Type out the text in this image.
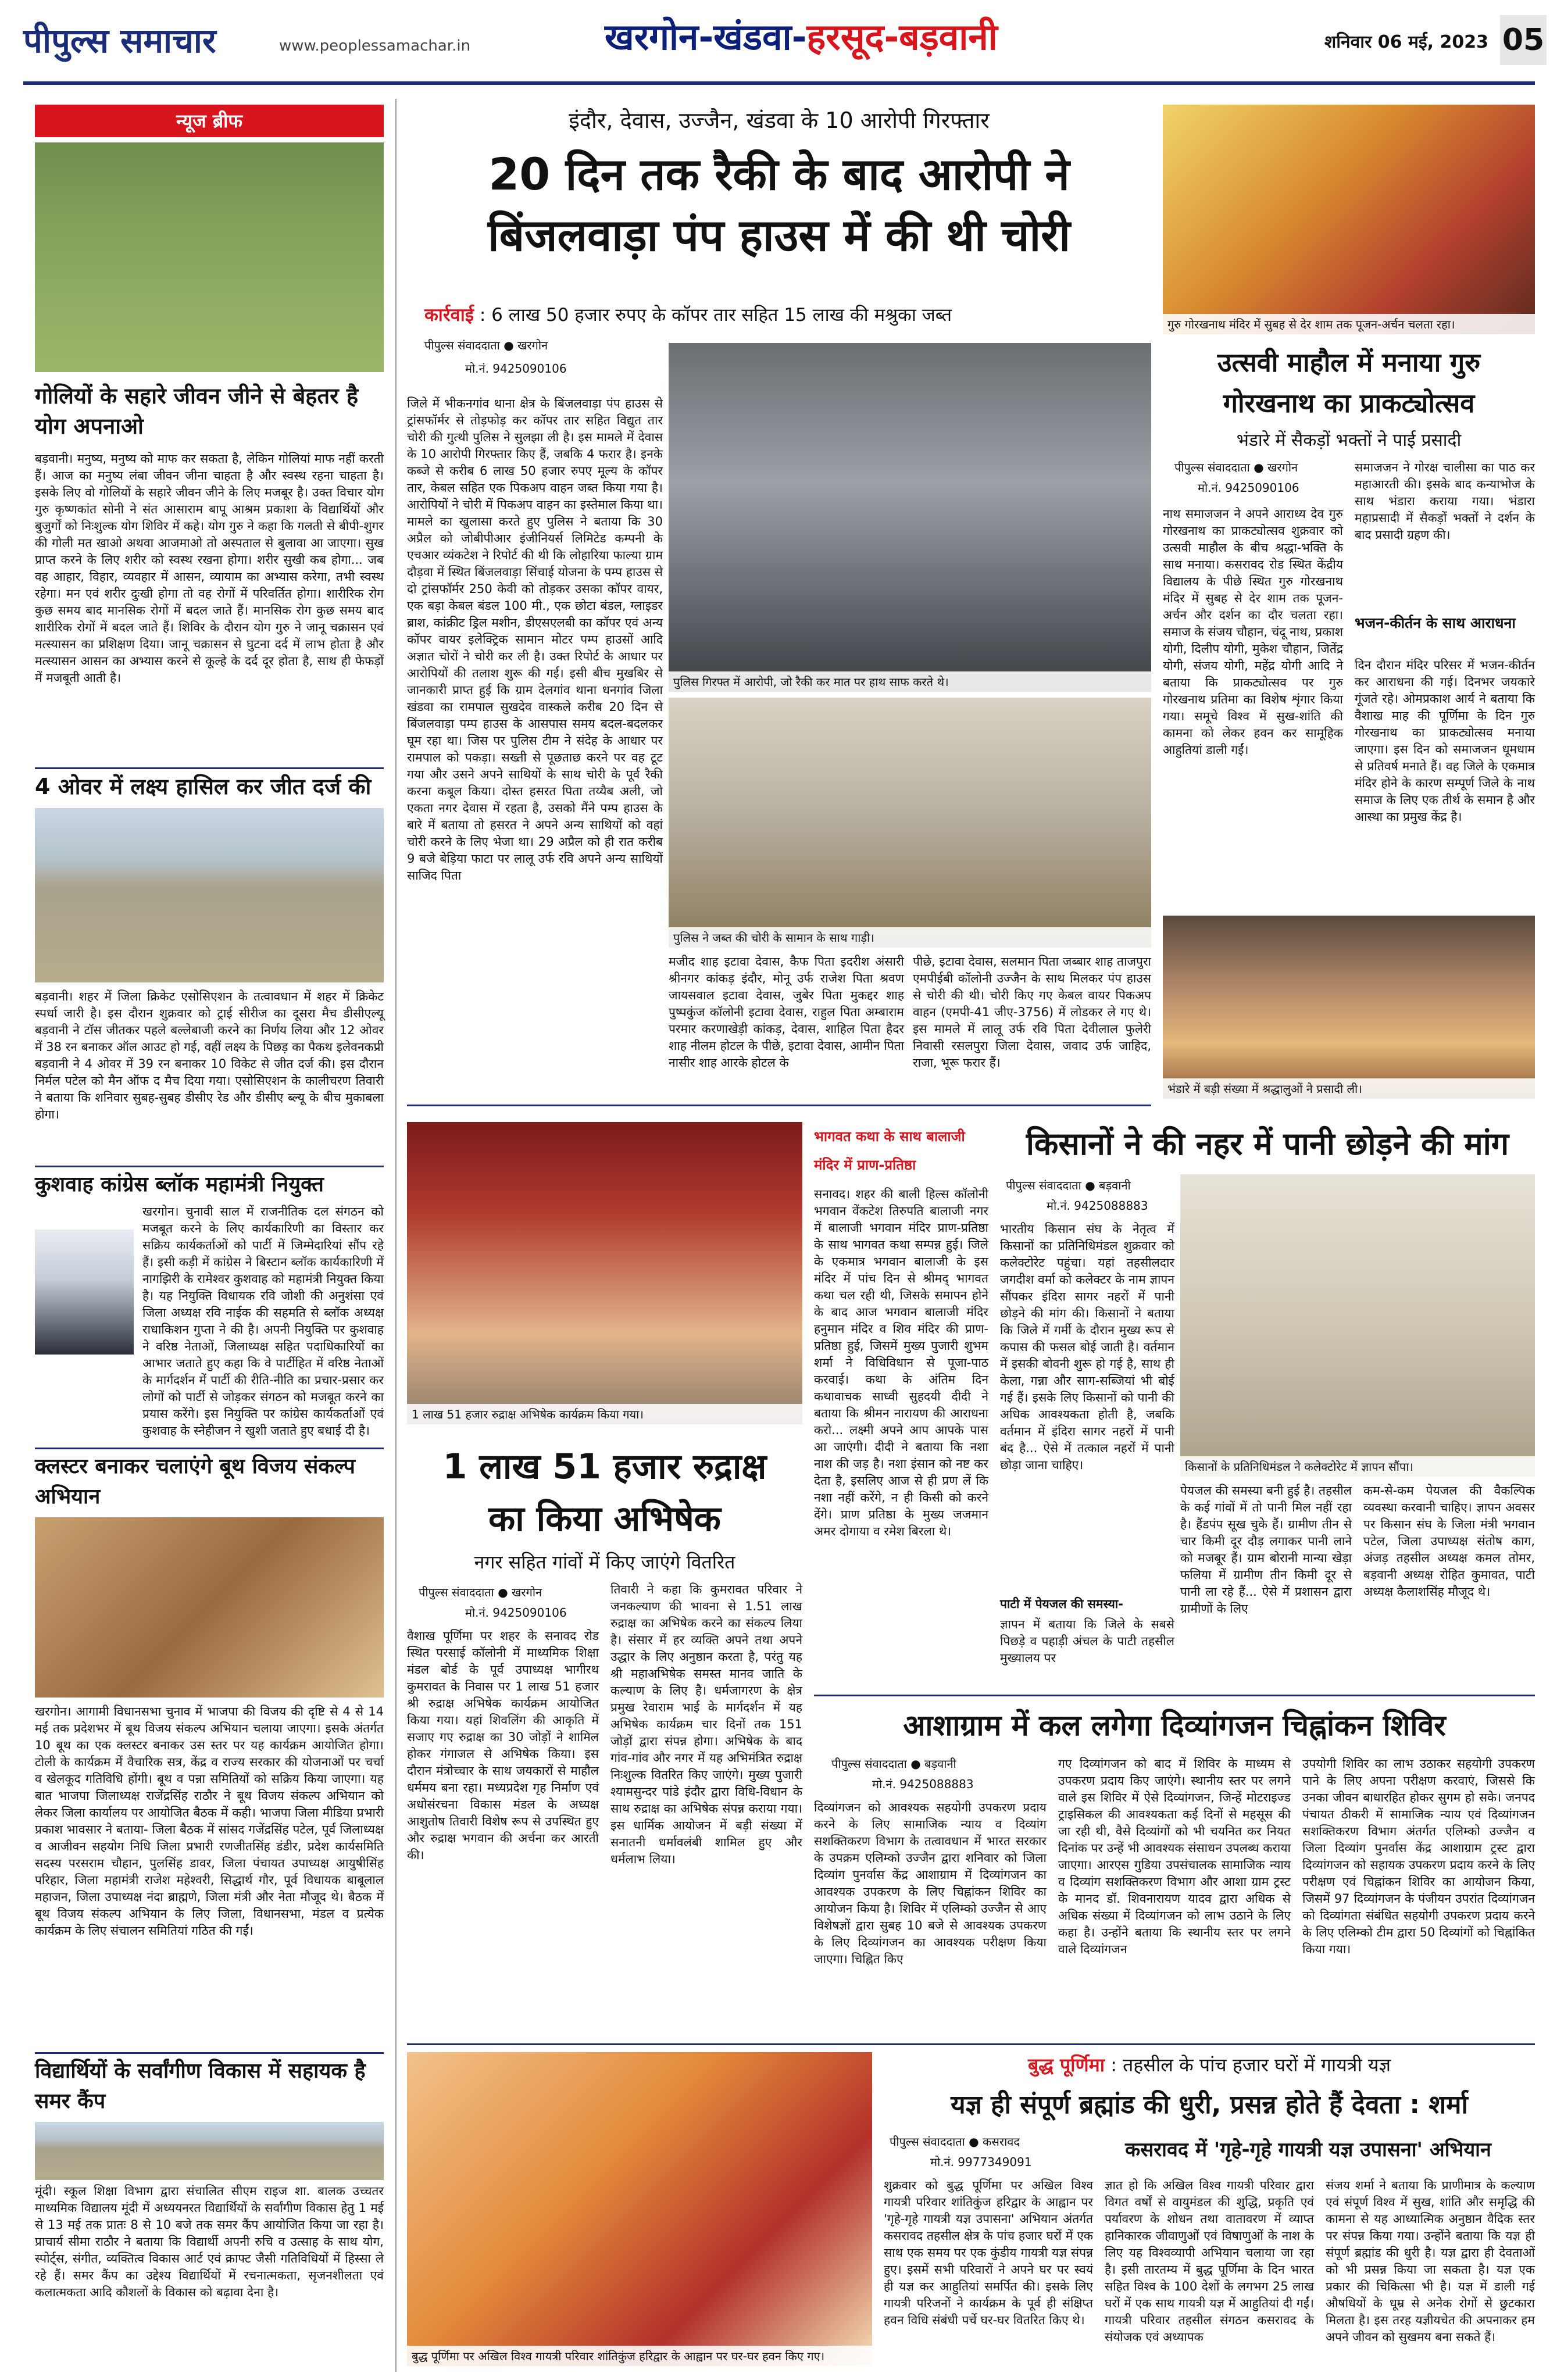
पीपुल्स समाचार	www.peoplessamachar.in	खरगोन-खंडवा-हरसूद-बड़वानी	शनिवार 06 मई, 2023 05
न्यूज ब्रीफ
गोलियों के सहारे जीवन जीने से बेहतर है योग अपनाओ
बड़वानी। मनुष्य, मनुष्य को माफ कर सकता है, लेकिन गोलियां माफ नहीं करती हैं। आज का मनुष्य लंबा जीवन जीना चाहता है और स्वस्थ रहना चाहता है। इसके लिए वो गोलियों के सहारे जीवन जीने के लिए मजबूर है। उक्त विचार योग गुरु कृष्णकांत सोनी ने संत आसाराम बापू आश्रम प्रकाशा के विद्यार्थियों और बुजुर्गों को निःशुल्क योग शिविर में कहे। योग गुरु ने कहा कि गलती से बीपी-शुगर की गोली मत खाओ अथवा आजमाओ तो अस्पताल से बुलावा आ जाएगा। सुख प्राप्त करने के लिए शरीर को स्वस्थ रखना होगा। शरीर सुखी कब होगा... जब वह आहार, विहार, व्यवहार में आसन, व्यायाम का अभ्यास करेगा, तभी स्वस्थ रहेगा। मन एवं शरीर दुःखी होगा तो वह रोगों में परिवर्तित होगा। शारीरिक रोग कुछ समय बाद मानसिक रोगों में बदल जाते हैं। मानसिक रोग कुछ समय बाद शारीरिक रोगों में बदल जाते हैं। शिविर के दौरान योग गुरु ने जानू चक्रासन एवं मत्स्यासन का प्रशिक्षण दिया। जानू चक्रासन से घुटना दर्द में लाभ होता है और मत्स्यासन आसन का अभ्यास करने से कूल्हे के दर्द दूर होता है, साथ ही फेफड़ों में मजबूती आती है।
4 ओवर में लक्ष्य हासिल कर जीत दर्ज की
बड़वानी। शहर में जिला क्रिकेट एसोसिएशन के तत्वावधान में शहर में क्रिकेट स्पर्धा जारी है। इस दौरान शुक्रवार को ट्राई सीरीज का दूसरा मैच डीसीएल्यू बड़वानी ने टॉस जीतकर पहले बल्लेबाजी करने का निर्णय लिया और 12 ओवर में 38 रन बनाकर ऑल आउट हो गई, वहीं लक्ष्य के पिछड़ का पैकथ इलेवनकप्री बड़वानी ने 4 ओवर में 39 रन बनाकर 10 विकेट से जीत दर्ज की। इस दौरान निर्मल पटेल को मैन ऑफ द मैच दिया गया। एसोसिएशन के कालीचरण तिवारी ने बताया कि शनिवार सुबह-सुबह डीसीए रेड और डीसीए ब्ल्यू के बीच मुकाबला होगा।
कुशवाह कांग्रेस ब्लॉक महामंत्री नियुक्त
खरगोन। चुनावी साल में राजनीतिक दल संगठन को मजबूत करने के लिए कार्यकारिणी का विस्तार कर सक्रिय कार्यकर्ताओं को पार्टी में जिम्मेदारियां सौंप रहे हैं। इसी कड़ी में कांग्रेस ने बिस्टान ब्लॉक कार्यकारिणी में नागझिरी के रामेश्वर कुशवाह को महामंत्री नियुक्त किया है। यह नियुक्ति विधायक रवि जोशी की अनुशंसा एवं जिला अध्यक्ष रवि नाईक की सहमति से ब्लॉक अध्यक्ष राधाकिशन गुप्ता ने की है। अपनी नियुक्ति पर कुशवाह ने वरिष्ठ नेताओं, जिलाध्यक्ष सहित पदाधिकारियों का आभार जताते हुए कहा कि वे पार्टीहित में वरिष्ठ नेताओं के मार्गदर्शन में पार्टी की रीति-नीति का प्रचार-प्रसार कर लोगों को पार्टी से जोड़कर संगठन को मजबूत करने का प्रयास करेंगे। इस नियुक्ति पर कांग्रेस कार्यकर्ताओं एवं कुशवाह के स्नेहीजन ने खुशी जताते हुए बधाई दी है।
क्लस्टर बनाकर चलाएंगे बूथ विजय संकल्प अभियान
खरगोन। आगामी विधानसभा चुनाव में भाजपा की विजय की दृष्टि से 4 से 14 मई तक प्रदेशभर में बूथ विजय संकल्प अभियान चलाया जाएगा। इसके अंतर्गत 10 बूथ का एक क्लस्टर बनाकर उस स्तर पर यह कार्यक्रम आयोजित होगा। टोली के कार्यक्रम में वैचारिक सत्र, केंद्र व राज्य सरकार की योजनाओं पर चर्चा व खेलकूद गतिविधि होंगी। बूथ व पन्ना समितियों को सक्रिय किया जाएगा। यह बात भाजपा जिलाध्यक्ष राजेंद्रसिंह राठौर ने बूथ विजय संकल्प अभियान को लेकर जिला कार्यालय पर आयोजित बैठक में कही। भाजपा जिला मीडिया प्रभारी प्रकाश भावसार ने बताया- जिला बैठक में सांसद गजेंद्रसिंह पटेल, पूर्व जिलाध्यक्ष व आजीवन सहयोग निधि जिला प्रभारी रणजीतसिंह डंडीर, प्रदेश कार्यसमिति सदस्य परसराम चौहान, पुलसिंह डावर, जिला पंचायत उपाध्यक्ष आयुषीसिंह परिहार, जिला महामंत्री राजेश महेश्वरी, सिद्धार्थ गौर, पूर्व विधायक बाबूलाल महाजन, जिला उपाध्यक्ष नंदा ब्राह्मणे, जिला मंत्री और नेता मौजूद थे। बैठक में बूथ विजय संकल्प अभियान के लिए जिला, विधानसभा, मंडल व प्रत्येक कार्यक्रम के लिए संचालन समितियां गठित की गईं।
विद्यार्थियों के सर्वांगीण विकास में सहायक है समर कैंप
मूंदी। स्कूल शिक्षा विभाग द्वारा संचालित सीएम राइज शा. बालक उच्चतर माध्यमिक विद्यालय मूंदी में अध्ययनरत विद्यार्थियों के सर्वांगीण विकास हेतु 1 मई से 13 मई तक प्रातः 8 से 10 बजे तक समर कैंप आयोजित किया जा रहा है। प्राचार्य सीमा राठौर ने बताया कि विद्यार्थी अपनी रुचि व उत्साह के साथ योग, स्पोर्ट्स, संगीत, व्यक्तित्व विकास आर्ट एवं क्राफ्ट जैसी गतिविधियों में हिस्सा ले रहे हैं। समर कैंप का उद्देश्य विद्यार्थियों में रचनात्मकता, सृजनशीलता एवं कलात्मकता आदि कौशलों के विकास को बढ़ावा देना है।
इंदौर, देवास, उज्जैन, खंडवा के 10 आरोपी गिरफ्तार
20 दिन तक रैकी के बाद आरोपी ने
बिंजलवाड़ा पंप हाउस में की थी चोरी
कार्रवाई : 6 लाख 50 हजार रुपए के कॉपर तार सहित 15 लाख की मश्रुका जब्त
पीपुल्स संवाददाता ● खरगोन
मो.नं. 9425090106
जिले में भीकनगांव थाना क्षेत्र के बिंजलवाड़ा पंप हाउस से ट्रांसफॉर्मर से तोड़फोड़ कर कॉपर तार सहित विद्युत तार चोरी की गुत्थी पुलिस ने सुलझा ली है। इस मामले में देवास के 10 आरोपी गिरफ्तार किए हैं, जबकि 4 फरार है। इनके कब्जे से करीब 6 लाख 50 हजार रुपए मूल्य के कॉपर तार, केबल सहित एक पिकअप वाहन जब्त किया गया है। आरोपियों ने चोरी में पिकअप वाहन का इस्तेमाल किया था। मामले का खुलासा करते हुए पुलिस ने बताया कि 30 अप्रैल को जोबीपीआर इंजीनियर्स लिमिटेड कम्पनी के एचआर व्यंकटेश ने रिपोर्ट की थी कि लोहारिया फाल्या ग्राम दौड़वा में स्थित बिंजलवाड़ा सिंचाई योजना के पम्प हाउस से दो ट्रांसफॉर्मर 250 केवी को तोड़कर उसका कॉपर वायर, एक बड़ा केबल बंडल 100 मी., एक छोटा बंडल, ग्लाइडर ब्राश, कांक्रीट ड्रिल मशीन, डीएसएलबी का कॉपर एवं अन्य कॉपर वायर इलेक्ट्रिक सामान मोटर पम्प हाउसों आदि अज्ञात चोरों ने चोरी कर ली है। उक्त रिपोर्ट के आधार पर आरोपियों की तलाश शुरू की गई। इसी बीच मुखबिर से जानकारी प्राप्त हुई कि ग्राम देलगांव थाना धनगांव जिला खंडवा का रामपाल सुखदेव वास्कले करीब 20 दिन से बिंजलवाड़ा पम्प हाउस के आसपास समय बदल-बदलकर घूम रहा था। जिस पर पुलिस टीम ने संदेह के आधार पर रामपाल को पकड़ा। सख्ती से पूछताछ करने पर वह टूट गया और उसने अपने साथियों के साथ चोरी के पूर्व रैकी करना कबूल किया। दोस्त हसरत पिता तय्यैब अली, जो एकता नगर देवास में रहता है, उसको मैंने पम्प हाउस के बारे में बताया तो हसरत ने अपने अन्य साथियों को वहां चोरी करने के लिए भेजा था। 29 अप्रैल को ही रात करीब 9 बजे बेड़िया फाटा पर लालू उर्फ रवि अपने अन्य साथियों साजिद पिता
पुलिस गिरफ्त में आरोपी, जो रैकी कर मात पर हाथ साफ करते थे।
पुलिस ने जब्त की चोरी के सामान के साथ गाड़ी।
मजीद शाह इटावा देवास, कैफ पिता इदरीश अंसारी श्रीनगर कांकड़ इंदौर, मोनू उर्फ राजेश पिता श्रवण जायसवाल इटावा देवास, जुबेर पिता मुकद्दर शाह पुष्पकुंज कॉलोनी इटावा देवास, राहुल पिता अम्बाराम परमार करणाखेड़ी कांकड़, देवास, शाहिल पिता हैदर शाह नीलम होटल के पीछे, इटावा देवास, आमीन पिता नासीर शाह आरके होटल के
पीछे, इटावा देवास, सलमान पिता जब्बार शाह ताजपुरा एमपीईबी कॉलोनी उज्जैन के साथ मिलकर पंप हाउस से चोरी की थी। चोरी किए गए केबल वायर पिकअप वाहन (एमपी-41 जीए-3756) में लोडकर ले गए थे। इस मामले में लालू उर्फ रवि पिता देवीलाल फुलेरी निवासी रसलपुरा जिला देवास, जवाद उर्फ जाहिद, राजा, भूरू फरार हैं।
गुरु गोरखनाथ मंदिर में सुबह से देर शाम तक पूजन-अर्चन चलता रहा।
उत्सवी माहौल में मनाया गुरु
गोरखनाथ का प्राकट्योत्सव
भंडारे में सैकड़ों भक्तों ने पाई प्रसादी
पीपुल्स संवाददाता ● खरगोन
मो.नं. 9425090106
नाथ समाजजन ने अपने आराध्य देव गुरु गोरखनाथ का प्राकट्योत्सव शुक्रवार को उत्सवी माहौल के बीच श्रद्धा-भक्ति के साथ मनाया। कसरावद रोड स्थित केंद्रीय विद्यालय के पीछे स्थित गुरु गोरखनाथ मंदिर में सुबह से देर शाम तक पूजन-अर्चन और दर्शन का दौर चलता रहा। समाज के संजय चौहान, चंदू नाथ, प्रकाश योगी, दिलीप योगी, मुकेश चौहान, जितेंद्र योगी, संजय योगी, महेंद्र योगी आदि ने बताया कि प्राकट्योत्सव पर गुरु गोरखनाथ प्रतिमा का विशेष शृंगार किया गया। समूचे विश्व में सुख-शांति की कामना को लेकर हवन कर सामूहिक आहुतियां डाली गईं।
समाजजन ने गोरक्ष चालीसा का पाठ कर महाआरती की। इसके बाद कन्याभोज के साथ भंडारा कराया गया। भंडारा महाप्रसादी में सैकड़ों भक्तों ने दर्शन के बाद प्रसादी ग्रहण की।
भजन-कीर्तन के साथ आराधना
दिन दौरान मंदिर परिसर में भजन-कीर्तन कर आराधना की गई। दिनभर जयकारे गूंजते रहे। ओमप्रकाश आर्य ने बताया कि वैशाख माह की पूर्णिमा के दिन गुरु गोरखनाथ का प्राकट्योत्सव मनाया जाएगा। इस दिन को समाजजन धूमधाम से प्रतिवर्ष मनाते हैं। वह जिले के एकमात्र मंदिर होने के कारण सम्पूर्ण जिले के नाथ समाज के लिए एक तीर्थ के समान है और आस्था का प्रमुख केंद्र है।
भंडारे में बड़ी संख्या में श्रद्धालुओं ने प्रसादी ली।
1 लाख 51 हजार रुद्राक्ष अभिषेक कार्यक्रम किया गया।
1 लाख 51 हजार रुद्राक्ष
का किया अभिषेक
नगर सहित गांवों में किए जाएंगे वितरित
पीपुल्स संवाददाता ● खरगोन
मो.नं. 9425090106
वैशाख पूर्णिमा पर शहर के सनावद रोड स्थित परसाई कॉलोनी में माध्यमिक शिक्षा मंडल बोर्ड के पूर्व उपाध्यक्ष भागीरथ कुमरावत के निवास पर 1 लाख 51 हजार श्री रुद्राक्ष अभिषेक कार्यक्रम आयोजित किया गया। यहां शिवलिंग की आकृति में सजाए गए रुद्राक्ष का 30 जोड़ों ने शामिल होकर गंगाजल से अभिषेक किया। इस दौरान मंत्रोच्चार के साथ जयकारों से माहौल धर्ममय बना रहा। मध्यप्रदेश गृह निर्माण एवं अधोसंरचना विकास मंडल के अध्यक्ष आशुतोष तिवारी विशेष रूप से उपस्थित हुए और रुद्राक्ष भगवान की अर्चना कर आरती की।
तिवारी ने कहा कि कुमरावत परिवार ने जनकल्याण की भावना से 1.51 लाख रुद्राक्ष का अभिषेक करने का संकल्प लिया है। संसार में हर व्यक्ति अपने तथा अपने उद्धार के लिए अनुष्ठान करता है, परंतु यह श्री महाअभिषेक समस्त मानव जाति के कल्याण के लिए है। धर्मजागरण के क्षेत्र प्रमुख रेवाराम भाई के मार्गदर्शन में यह अभिषेक कार्यक्रम चार दिनों तक 151 जोड़ों द्वारा संपन्न होगा। अभिषेक के बाद गांव-गांव और नगर में यह अभिमंत्रित रुद्राक्ष निःशुल्क वितरित किए जाएंगे। मुख्य पुजारी श्यामसुन्दर पांडे इंदौर द्वारा विधि-विधान के साथ रुद्राक्ष का अभिषेक संपन्न कराया गया। इस धार्मिक आयोजन में बड़ी संख्या में सनातनी धर्मावलंबी शामिल हुए और धर्मलाभ लिया।
भागवत कथा के साथ बालाजी
मंदिर में प्राण-प्रतिष्ठा
सनावद। शहर की बाली हिल्स कॉलोनी भगवान वेंकटेश तिरुपति बालाजी नगर में बालाजी भगवान मंदिर प्राण-प्रतिष्ठा के साथ भागवत कथा सम्पन्न हुई। जिले के एकमात्र भगवान बालाजी के इस मंदिर में पांच दिन से श्रीमद् भागवत कथा चल रही थी, जिसके समापन होने के बाद आज भगवान बालाजी मंदिर हनुमान मंदिर व शिव मंदिर की प्राण-प्रतिष्ठा हुई, जिसमें मुख्य पुजारी शुभम शर्मा ने विधिविधान से पूजा-पाठ करवाई। कथा के अंतिम दिन कथावाचक साध्वी सुहदयी दीदी ने बताया कि श्रीमन नारायण की आराधना करो... लक्ष्मी अपने आप आपके पास आ जाएंगी। दीदी ने बताया कि नशा नाश की जड़ है। नशा इंसान को नष्ट कर देता है, इसलिए आज से ही प्रण लें कि नशा नहीं करेंगे, न ही किसी को करने देंगे। प्राण प्रतिष्ठा के मुख्य जजमान अमर दोगाया व रमेश बिरला थे।
किसानों ने की नहर में पानी छोड़ने की मांग
पीपुल्स संवाददाता ● बड़वानी
मो.नं. 9425088883
भारतीय किसान संघ के नेतृत्व में किसानों का प्रतिनिधिमंडल शुक्रवार को कलेक्टोरेट पहुंचा। यहां तहसीलदार जगदीश वर्मा को कलेक्टर के नाम ज्ञापन सौंपकर इंदिरा सागर नहरों में पानी छोड़ने की मांग की। किसानों ने बताया कि जिले में गर्मी के दौरान मुख्य रूप से कपास की फसल बोई जाती है। वर्तमान में इसकी बोवनी शुरू हो गई है, साथ ही केला, गन्ना और साग-सब्जियां भी बोई गई हैं। इसके लिए किसानों को पानी की अधिक आवश्यकता होती है, जबकि वर्तमान में इंदिरा सागर नहरों में पानी बंद है... ऐसे में तत्काल नहरों में पानी छोड़ा जाना चाहिए।
पाटी में पेयजल की समस्या-
ज्ञापन में बताया कि जिले के सबसे पिछड़े व पहाड़ी अंचल के पाटी तहसील मुख्यालय पर
किसानों के प्रतिनिधिमंडल ने कलेक्टोरेट में ज्ञापन सौंपा।
पेयजल की समस्या बनी हुई है। तहसील के कई गांवों में तो पानी मिल नहीं रहा है। हैंडपंप सूख चुके हैं। ग्रामीण तीन से चार किमी दूर दौड़ लगाकर पानी लाने को मजबूर हैं। ग्राम बोरानी मान्या खेड़ा फलिया में ग्रामीण तीन किमी दूर से पानी ला रहे हैं... ऐसे में प्रशासन द्वारा ग्रामीणों के लिए
कम-से-कम पेयजल की वैकल्पिक व्यवस्था करवानी चाहिए। ज्ञापन अवसर पर किसान संघ के जिला मंत्री भगवान पटेल, जिला उपाध्यक्ष संतोष काग, अंजड़ तहसील अध्यक्ष कमल तोमर, बड़वानी अध्यक्ष रोहित कुमावत, पाटी अध्यक्ष कैलाशसिंह मौजूद थे।
आशाग्राम में कल लगेगा दिव्यांगजन चिह्नांकन शिविर
पीपुल्स संवाददाता ● बड़वानी
मो.नं. 9425088883
दिव्यांगजन को आवश्यक सहयोगी उपकरण प्रदाय करने के लिए सामाजिक न्याय व दिव्यांग सशक्तिकरण विभाग के तत्वावधान में भारत सरकार के उपक्रम एलिम्को उज्जैन द्वारा शनिवार को जिला दिव्यांग पुनर्वास केंद्र आशाग्राम में दिव्यांगजन का आवश्यक उपकरण के लिए चिह्नांकन शिविर का आयोजन किया है। शिविर में एलिम्को उज्जैन से आए विशेषज्ञों द्वारा सुबह 10 बजे से आवश्यक उपकरण के लिए दिव्यांगजन का आवश्यक परीक्षण किया जाएगा। चिह्नित किए
गए दिव्यांगजन को बाद में शिविर के माध्यम से उपकरण प्रदाय किए जाएंगे। स्थानीय स्तर पर लगने वाले इस शिविर में ऐसे दिव्यांगजन, जिन्हें मोटराइज्ड ट्राइसिकल की आवश्यकता कई दिनों से महसूस की जा रही थी, वैसे दिव्यांगों को भी चयनित कर नियत दिनांक पर उन्हें भी आवश्यक संसाधन उपलब्ध कराया जाएगा। आरएस गुडिया उपसंचालक सामाजिक न्याय व दिव्यांग सशक्तिकरण विभाग और आशा ग्राम ट्रस्ट के मानद डॉ. शिवनारायण यादव द्वारा अधिक से अधिक संख्या में दिव्यांगजन को लाभ उठाने के लिए कहा है। उन्होंने बताया कि स्थानीय स्तर पर लगने वाले दिव्यांगजन
उपयोगी शिविर का लाभ उठाकर सहयोगी उपकरण पाने के लिए अपना परीक्षण करवाएं, जिससे कि उनका जीवन बाधारहित होकर सुगम हो सके। जनपद पंचायत ठीकरी में सामाजिक न्याय एवं दिव्यांगजन सशक्तिकरण विभाग अंतर्गत एलिम्को उज्जैन व जिला दिव्यांग पुनर्वास केंद्र आशाग्राम ट्रस्ट द्वारा दिव्यांगजन को सहायक उपकरण प्रदाय करने के लिए परीक्षण एवं चिह्नांकन शिविर का आयोजन किया, जिसमें 97 दिव्यांगजन के पंजीयन उपरांत दिव्यांगजन को दिव्यांगता संबंधित सहयोगी उपकरण प्रदाय करने के लिए एलिम्को टीम द्वारा 50 दिव्यांगों को चिह्नांकित किया गया।
बुद्ध पूर्णिमा पर अखिल विश्व गायत्री परिवार शांतिकुंज हरिद्वार के आह्वान पर घर-घर हवन किए गए।
बुद्ध पूर्णिमा : तहसील के पांच हजार घरों में गायत्री यज्ञ
यज्ञ ही संपूर्ण ब्रह्मांड की धुरी, प्रसन्न होते हैं देवता : शर्मा
पीपुल्स संवाददाता ● कसरावद
मो.नं. 9977349091
कसरावद में 'गृहे-गृहे गायत्री यज्ञ उपासना' अभियान
शुक्रवार को बुद्ध पूर्णिमा पर अखिल विश्व गायत्री परिवार शांतिकुंज हरिद्वार के आह्वान पर 'गृहे-गृहे गायत्री यज्ञ उपासना' अभियान अंतर्गत कसरावद तहसील क्षेत्र के पांच हजार घरों में एक साथ एक समय पर एक कुंडीय गायत्री यज्ञ संपन्न हुए। इसमें सभी परिवारों ने अपने घर पर स्वयं ही यज्ञ कर आहुतियां समर्पित की। इसके लिए गायत्री परिजनों ने कार्यक्रम के पूर्व ही संक्षिप्त हवन विधि संबंधी पर्चे घर-घर वितरित किए थे।
ज्ञात हो कि अखिल विश्व गायत्री परिवार द्वारा विगत वर्षों से वायुमंडल की शुद्धि, प्रकृति एवं पर्यावरण के शोधन तथा वातावरण में व्याप्त हानिकारक जीवाणुओं एवं विषाणुओं के नाश के लिए यह विश्वव्यापी अभियान चलाया जा रहा है। इसी तारतम्य में बुद्ध पूर्णिमा के दिन भारत सहित विश्व के 100 देशों के लगभग 25 लाख घरों में एक साथ गायत्री यज्ञ में आहुतियां दी गईं। गायत्री परिवार तहसील संगठन कसरावद के संयोजक एवं अध्यापक
संजय शर्मा ने बताया कि प्राणीमात्र के कल्याण एवं संपूर्ण विश्व में सुख, शांति और समृद्धि की कामना से यह आध्यात्मिक अनुष्ठान वैदिक स्तर पर संपन्न किया गया। उन्होंने बताया कि यज्ञ ही संपूर्ण ब्रह्मांड की धुरी है। यज्ञ द्वारा ही देवताओं को भी प्रसन्न किया जा सकता है। यज्ञ एक प्रकार की चिकित्सा भी है। यज्ञ में डाली गई औषधियों के धूम्र से अनेक रोगों से छुटकारा मिलता है। इस तरह यज्ञीयचेत की अपनाकर हम अपने जीवन को सुखमय बना सकते हैं।
